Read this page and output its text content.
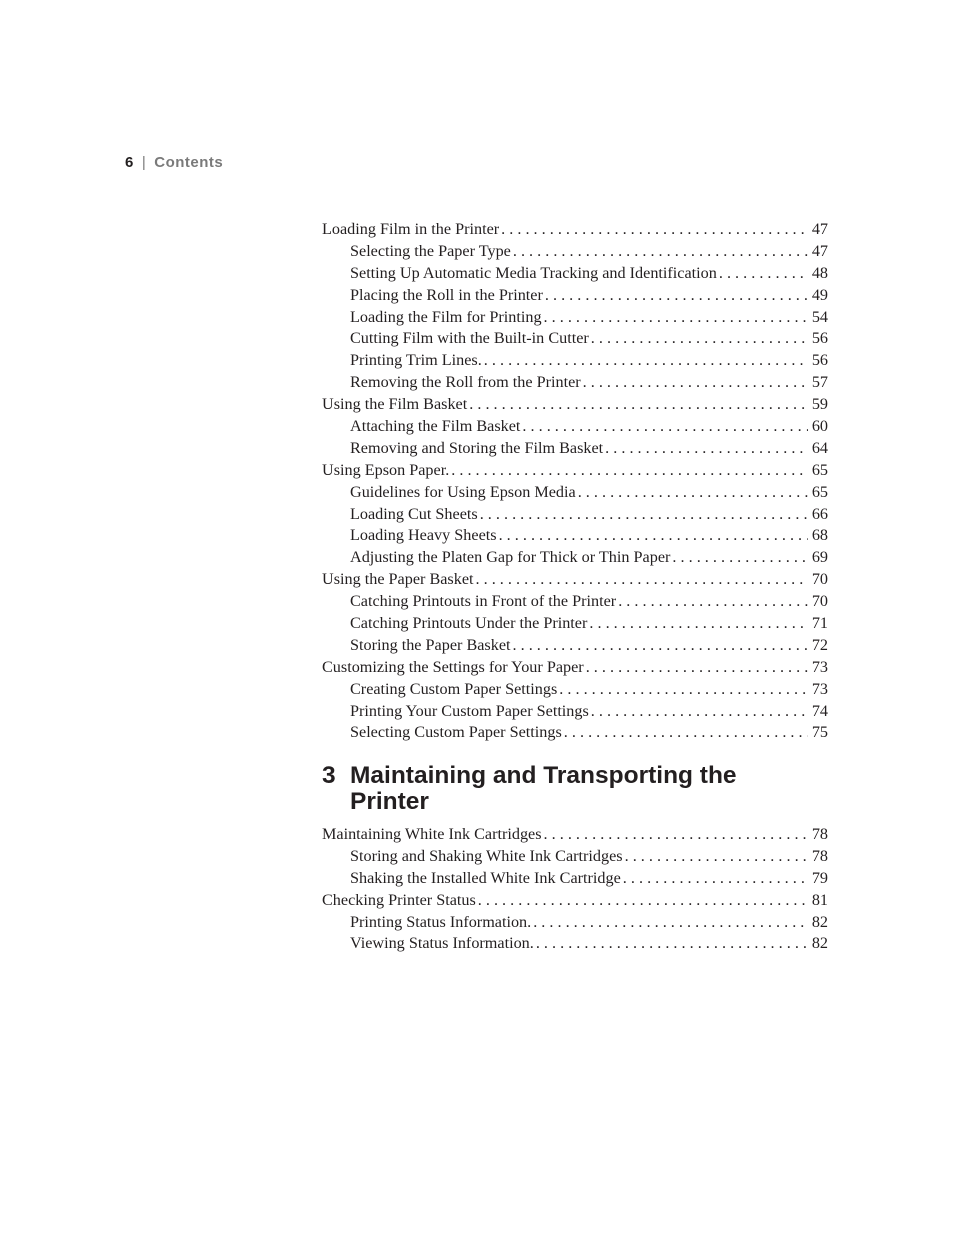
6 | Contents
Loading Film in the Printer . . .	47
Selecting the Paper Type . . .	47
Setting Up Automatic Media Tracking and Identification . . .	48
Placing the Roll in the Printer . . .	49
Loading the Film for Printing . . .	54
Cutting Film with the Built-in Cutter . . .	56
Printing Trim Lines. . . .	56
Removing the Roll from the Printer . . .	57
Using the Film Basket . . .	59
Attaching the Film Basket . . .	60
Removing and Storing the Film Basket . . .	64
Using Epson Paper. . . .	65
Guidelines for Using Epson Media . . .	65
Loading Cut Sheets . . .	66
Loading Heavy Sheets . . .	68
Adjusting the Platen Gap for Thick or Thin Paper . . .	69
Using the Paper Basket . . .	70
Catching Printouts in Front of the Printer . . .	70
Catching Printouts Under the Printer . . .	71
Storing the Paper Basket . . .	72
Customizing the Settings for Your Paper . . .	73
Creating Custom Paper Settings . . .	73
Printing Your Custom Paper Settings . . .	74
Selecting Custom Paper Settings . . .	75
3 Maintaining and Transporting the Printer
Maintaining White Ink Cartridges . . .	78
Storing and Shaking White Ink Cartridges . . .	78
Shaking the Installed White Ink Cartridge . . .	79
Checking Printer Status . . .	81
Printing Status Information. . . .	82
Viewing Status Information. . . .	82
